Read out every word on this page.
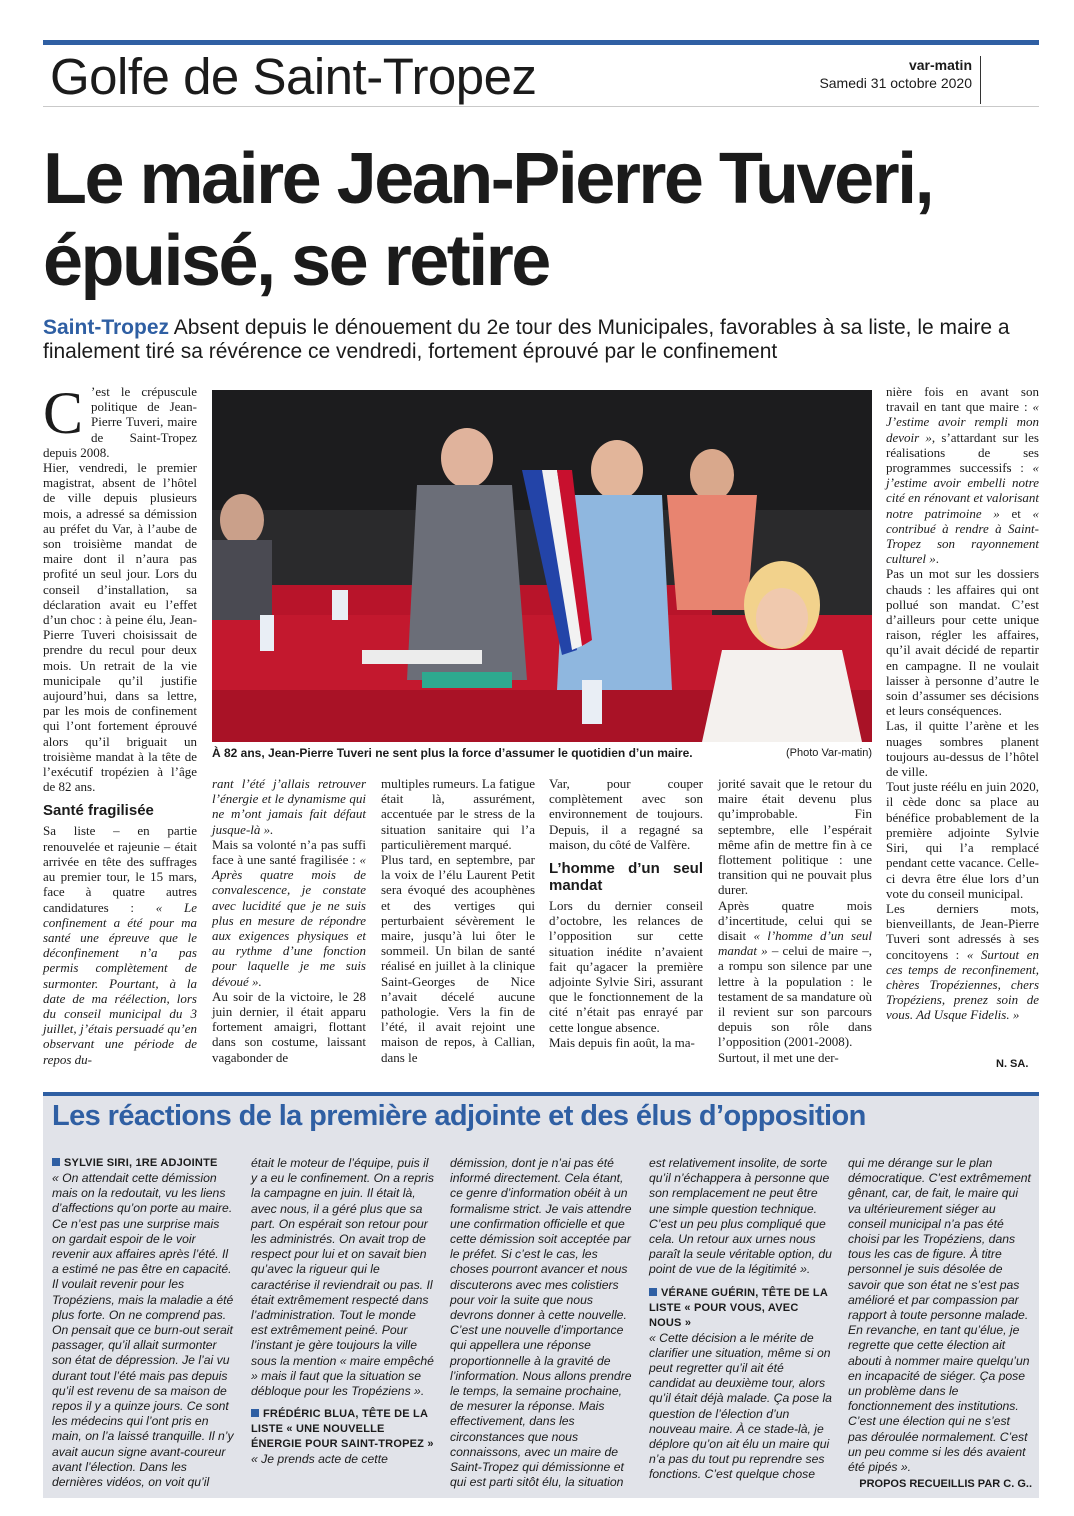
Golfe de Saint-Tropez	var-matin
Samedi 31 octobre 2020
Le maire Jean-Pierre Tuveri, épuisé, se retire
Saint-Tropez Absent depuis le dénouement du 2e tour des Municipales, favorables à sa liste, le maire a finalement tiré sa révérence ce vendredi, fortement éprouvé par le confinement

C ’est le crépuscule politique de Jean-Pierre Tuveri, maire de Saint-Tropez depuis 2008.

Hier, vendredi, le premier magistrat, absent de l’hôtel de ville depuis plusieurs mois, a adressé sa démission au préfet du Var, à l’aube de son troisième mandat de maire dont il n’aura pas profité un seul jour. Lors du conseil d’installation, sa déclaration avait eu l’effet d’un choc : à peine élu, Jean-Pierre Tuveri choisissait de prendre du recul pour deux mois. Un retrait de la vie municipale qu’il justifie aujourd’hui, dans sa lettre, par les mois de confinement qui l’ont fortement éprouvé alors qu’il briguait un troisième mandat à la tête de l’exécutif tropézien à l’âge de 82 ans.

Santé fragilisée

Sa liste – en partie renouvelée et rajeunie – était arrivée en tête des suffrages au premier tour, le 15 mars, face à quatre autres candidatures : « Le confinement a été pour ma santé une épreuve que le déconfinement n’a pas permis complètement de surmonter. Pourtant, à la date de ma réélection, lors du conseil municipal du 3 juillet, j’étais persuadé qu’en observant une période de repos du-

À 82 ans, Jean-Pierre Tuveri ne sent plus la force d’assumer le quotidien d’un maire.	(Photo Var-matin)

rant l’été j’allais retrouver l’énergie et le dynamisme qui ne m’ont jamais fait défaut jusque-là ».

Mais sa volonté n’a pas suffi face à une santé fragilisée : « Après quatre mois de convalescence, je constate avec lucidité que je ne suis plus en mesure de répondre aux exigences physiques et au rythme d’une fonction pour laquelle je me suis dévoué ».

Au soir de la victoire, le 28 juin dernier, il était apparu fortement amaigri, flottant dans son costume, laissant vagabonder de

multiples rumeurs. La fatigue était là, assurément, accentuée par le stress de la situation sanitaire qui l’a particulièrement marqué.

Plus tard, en septembre, par la voix de l’élu Laurent Petit sera évoqué des acouphènes et des vertiges qui perturbaient sévèrement le maire, jusqu’à lui ôter le sommeil. Un bilan de santé réalisé en juillet à la clinique Saint-Georges de Nice n’avait décelé aucune pathologie. Vers la fin de l’été, il avait rejoint une maison de repos, à Callian, dans le

Var, pour couper complètement avec son environnement de toujours. Depuis, il a regagné sa maison, du côté de Valfère.

L’homme d’un seul mandat

Lors du dernier conseil d’octobre, les relances de l’opposition sur cette situation inédite n’avaient fait qu’agacer la première adjointe Sylvie Siri, assurant que le fonctionnement de la cité n’était pas enrayé par cette longue absence.

Mais depuis fin août, la ma-

jorité savait que le retour du maire était devenu plus qu’improbable. Fin septembre, elle l’espérait même afin de mettre fin à ce flottement politique : une transition qui ne pouvait plus durer.

Après quatre mois d’incertitude, celui qui se disait « l’homme d’un seul mandat » – celui de maire –, a rompu son silence par une lettre à la population : le testament de sa mandature où il revient sur son parcours depuis son rôle dans l’opposition (2001-2008).

Surtout, il met une der-

nière fois en avant son travail en tant que maire : « J’estime avoir rempli mon devoir », s’attardant sur les réalisations de ses programmes successifs : « j’estime avoir embelli notre cité en rénovant et valorisant notre patrimoine » et « contribué à rendre à Saint-Tropez son rayonnement culturel ».

Pas un mot sur les dossiers chauds : les affaires qui ont pollué son mandat. C’est d’ailleurs pour cette unique raison, régler les affaires, qu’il avait décidé de repartir en campagne. Il ne voulait laisser à personne d’autre le soin d’assumer ses décisions et leurs conséquences.

Las, il quitte l’arène et les nuages sombres planent toujours au-dessus de l’hôtel de ville.

Tout juste réélu en juin 2020, il cède donc sa place au bénéfice probablement de la première adjointe Sylvie Siri, qui l’a remplacé pendant cette vacance. Celle-ci devra être élue lors d’un vote du conseil municipal.

Les derniers mots, bienveillants, de Jean-Pierre Tuveri sont adressés à ses concitoyens : « Surtout en ces temps de reconfinement, chères Tropéziennes, chers Tropéziens, prenez soin de vous. Ad Usque Fidelis. »

N. SA.
Les réactions de la première adjointe et des élus d’opposition
SYLVIE SIRI, 1RE ADJOINTE
« On attendait cette démission mais on la redoutait, vu les liens d’affections qu’on porte au maire. Ce n’est pas une surprise mais on gardait espoir de le voir revenir aux affaires après l’été. Il a estimé ne pas être en capacité. Il voulait revenir pour les Tropéziens, mais la maladie a été plus forte. On ne comprend pas. On pensait que ce burn-out serait passager, qu’il allait surmonter son état de dépression. Je l’ai vu durant tout l’été mais pas depuis qu’il est revenu de sa maison de repos il y a quinze jours. Ce sont les médecins qui l’ont pris en main, on l’a laissé tranquille. Il n’y avait aucun signe avant-coureur avant l’élection. Dans les dernières vidéos, on voit qu’il
était le moteur de l’équipe, puis il y a eu le confinement. On a repris la campagne en juin. Il était là, avec nous, il a géré plus que sa part. On espérait son retour pour les administrés. On avait trop de respect pour lui et on savait bien qu’avec la rigueur qui le caractérise il reviendrait ou pas. Il était extrêmement respecté dans l’administration. Tout le monde est extrêmement peiné. Pour l’instant je gère toujours la ville sous la mention « maire empêché » mais il faut que la situation se débloque pour les Tropéziens ».
FRÉDÉRIC BLUA, TÊTE DE LA LISTE « UNE NOUVELLE ÉNERGIE POUR SAINT-TROPEZ »
« Je prends acte de cette
démission, dont je n’ai pas été informé directement. Cela étant, ce genre d’information obéit à un formalisme strict. Je vais attendre une confirmation officielle et que cette démission soit acceptée par le préfet. Si c’est le cas, les choses pourront avancer et nous discuterons avec mes colistiers pour voir la suite que nous devrons donner à cette nouvelle. C’est une nouvelle d’importance qui appellera une réponse proportionnelle à la gravité de l’information. Nous allons prendre le temps, la semaine prochaine, de mesurer la réponse. Mais effectivement, dans les circonstances que nous connaissons, avec un maire de Saint-Tropez qui démissionne et qui est parti sitôt élu, la situation
est relativement insolite, de sorte qu’il n’échappera à personne que son remplacement ne peut être une simple question technique. C’est un peu plus compliqué que cela. Un retour aux urnes nous paraît la seule véritable option, du point de vue de la légitimité ».
VÉRANE GUÉRIN, TÊTE DE LA LISTE « POUR VOUS, AVEC NOUS »
« Cette décision a le mérite de clarifier une situation, même si on peut regretter qu’il ait été candidat au deuxième tour, alors qu’il était déjà malade. Ça pose la question de l’élection d’un nouveau maire. À ce stade-là, je déplore qu’on ait élu un maire qui n’a pas du tout pu reprendre ses fonctions. C’est quelque chose
qui me dérange sur le plan démocratique. C’est extrêmement gênant, car, de fait, le maire qui va ultérieurement siéger au conseil municipal n’a pas été choisi par les Tropéziens, dans tous les cas de figure. À titre personnel je suis désolée de savoir que son état ne s’est pas amélioré et par compassion par rapport à toute personne malade. En revanche, en tant qu’élue, je regrette que cette élection ait abouti à nommer maire quelqu’un en incapacité de siéger. Ça pose un problème dans le fonctionnement des institutions. C’est une élection qui ne s’est pas déroulée normalement. C’est un peu comme si les dés avaient été pipés ».
PROPOS RECUEILLIS PAR C. G..
